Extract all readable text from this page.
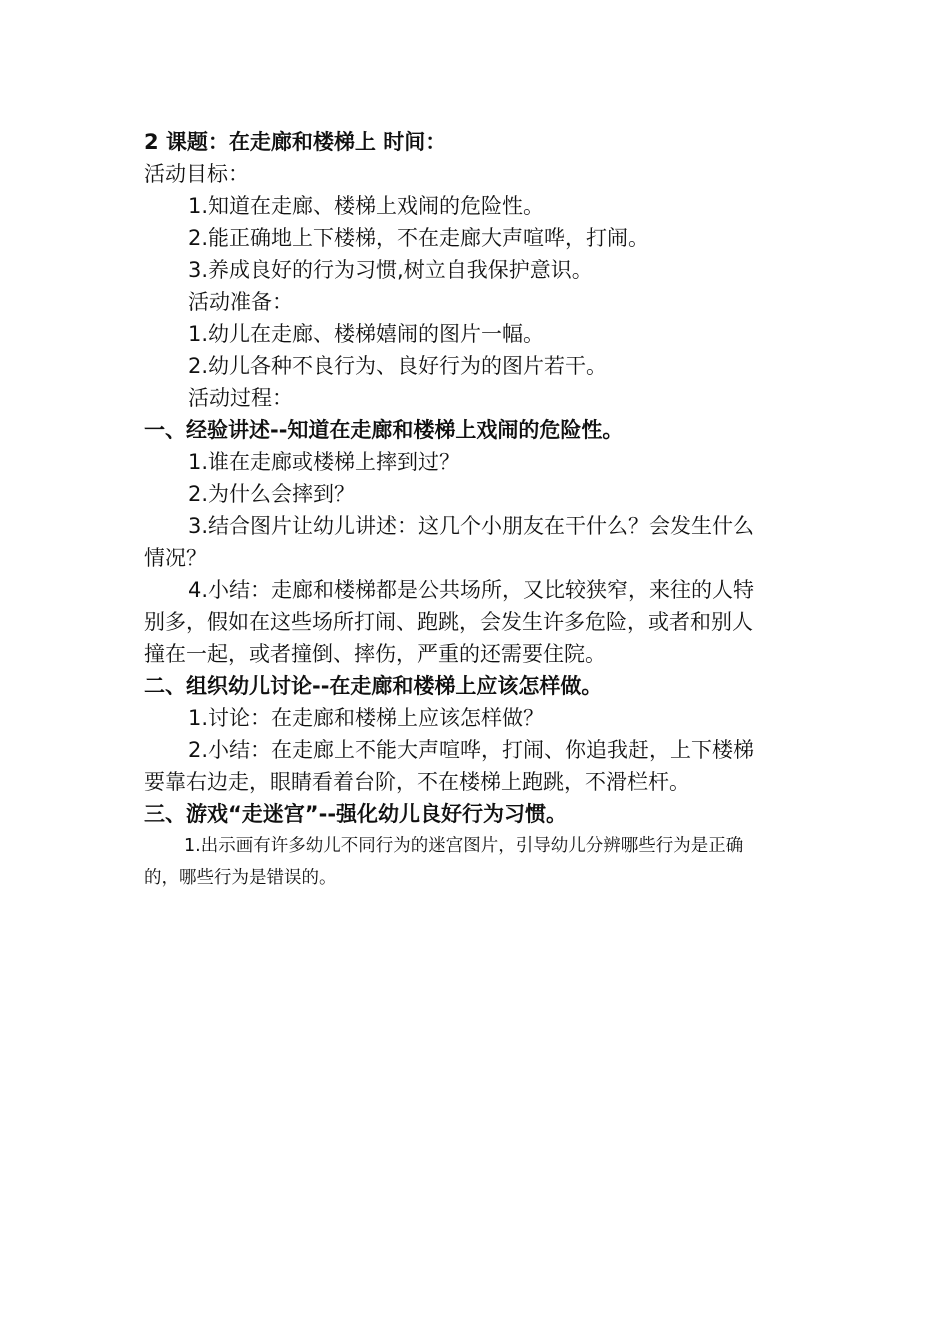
2 课题：在走廊和楼梯上 时间：
活动目标：
1.知道在走廊、楼梯上戏闹的危险性。
2.能正确地上下楼梯，不在走廊大声喧哗，打闹。
3.养成良好的行为习惯,树立自我保护意识。
活动准备：
1.幼儿在走廊、楼梯嬉闹的图片一幅。
2.幼儿各种不良行为、良好行为的图片若干。
活动过程：
一、经验讲述--知道在走廊和楼梯上戏闹的危险性。
1.谁在走廊或楼梯上摔到过？
2.为什么会摔到？
3.结合图片让幼儿讲述：这几个小朋友在干什么？会发生什么
情况？
4.小结：走廊和楼梯都是公共场所，又比较狭窄，来往的人特
别多，假如在这些场所打闹、跑跳，会发生许多危险，或者和别人
撞在一起，或者撞倒、摔伤，严重的还需要住院。
二、组织幼儿讨论--在走廊和楼梯上应该怎样做。
1.讨论：在走廊和楼梯上应该怎样做？
2.小结：在走廊上不能大声喧哗，打闹、你追我赶，上下楼梯
要靠右边走，眼睛看着台阶，不在楼梯上跑跳，不滑栏杆。
三、游戏“走迷宫”--强化幼儿良好行为习惯。
1.出示画有许多幼儿不同行为的迷宫图片，引导幼儿分辨哪些行为是正确
的，哪些行为是错误的。
